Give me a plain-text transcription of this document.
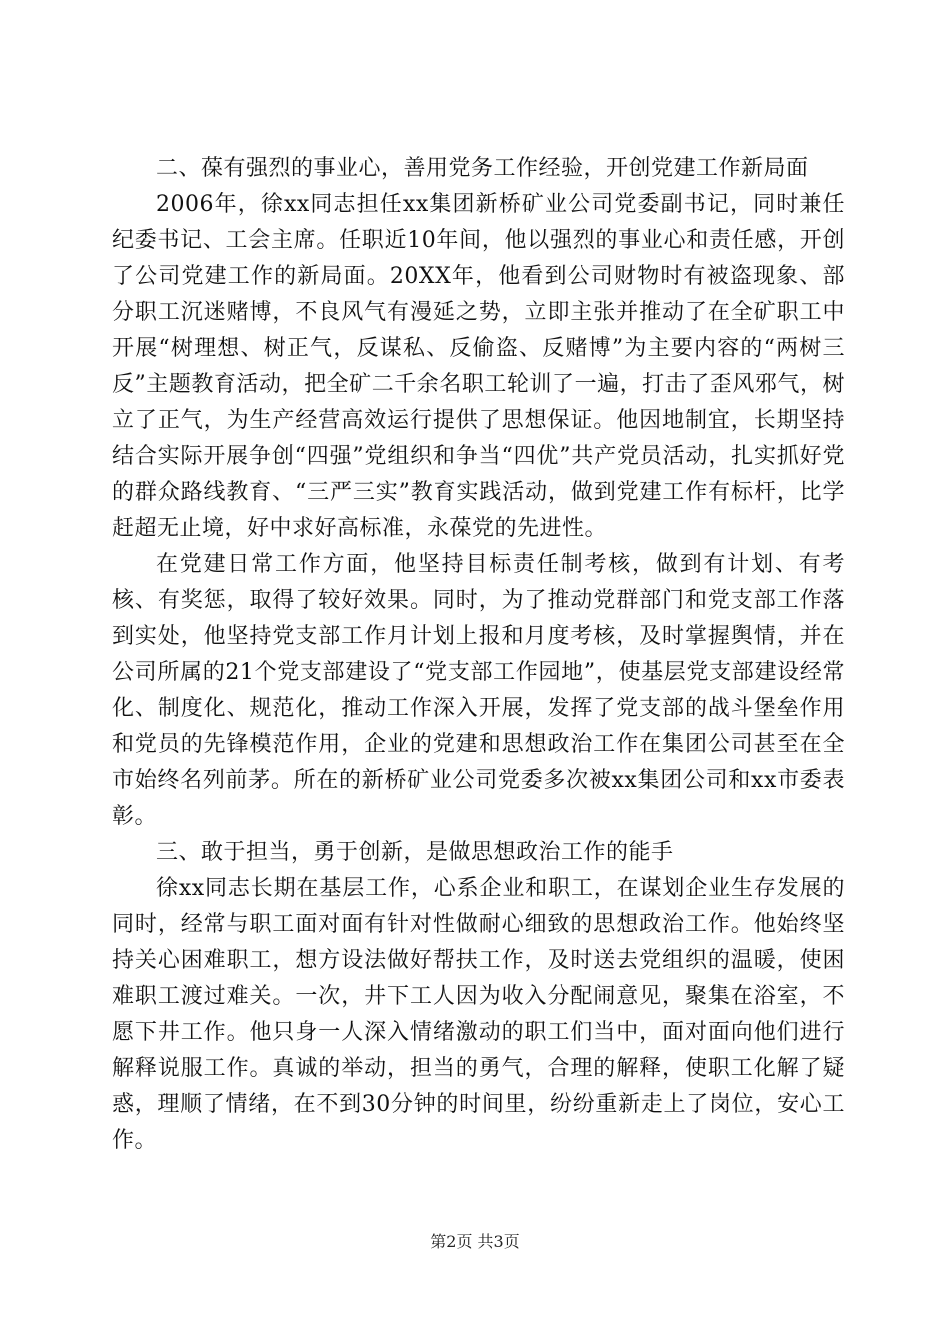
二、葆有强烈的事业心，善用党务工作经验，开创党建工作新局面

2006年，徐xx同志担任xx集团新桥矿业公司党委副书记，同时兼任纪委书记、工会主席。任职近10年间，他以强烈的事业心和责任感，开创了公司党建工作的新局面。20XX年，他看到公司财物时有被盗现象、部分职工沉迷赌博，不良风气有漫延之势，立即主张并推动了在全矿职工中开展“树理想、树正气，反谋私、反偷盗、反赌博”为主要内容的“两树三反”主题教育活动，把全矿二千余名职工轮训了一遍，打击了歪风邪气，树立了正气，为生产经营高效运行提供了思想保证。他因地制宜，长期坚持结合实际开展争创“四强”党组织和争当“四优”共产党员活动，扎实抓好党的群众路线教育、“三严三实”教育实践活动，做到党建工作有标杆，比学赶超无止境，好中求好高标准，永葆党的先进性。

在党建日常工作方面，他坚持目标责任制考核，做到有计划、有考核、有奖惩，取得了较好效果。同时，为了推动党群部门和党支部工作落到实处，他坚持党支部工作月计划上报和月度考核，及时掌握舆情，并在公司所属的21个党支部建设了“党支部工作园地”，使基层党支部建设经常化、制度化、规范化，推动工作深入开展，发挥了党支部的战斗堡垒作用和党员的先锋模范作用，企业的党建和思想政治工作在集团公司甚至在全市始终名列前茅。所在的新桥矿业公司党委多次被xx集团公司和xx市委表彰。

三、敢于担当，勇于创新，是做思想政治工作的能手

徐xx同志长期在基层工作，心系企业和职工，在谋划企业生存发展的同时，经常与职工面对面有针对性做耐心细致的思想政治工作。他始终坚持关心困难职工，想方设法做好帮扶工作，及时送去党组织的温暖，使困难职工渡过难关。一次，井下工人因为收入分配闹意见，聚集在浴室，不愿下井工作。他只身一人深入情绪激动的职工们当中，面对面向他们进行解释说服工作。真诚的举动，担当的勇气，合理的解释，使职工化解了疑惑，理顺了情绪，在不到30分钟的时间里，纷纷重新走上了岗位，安心工作。

第2页 共3页
